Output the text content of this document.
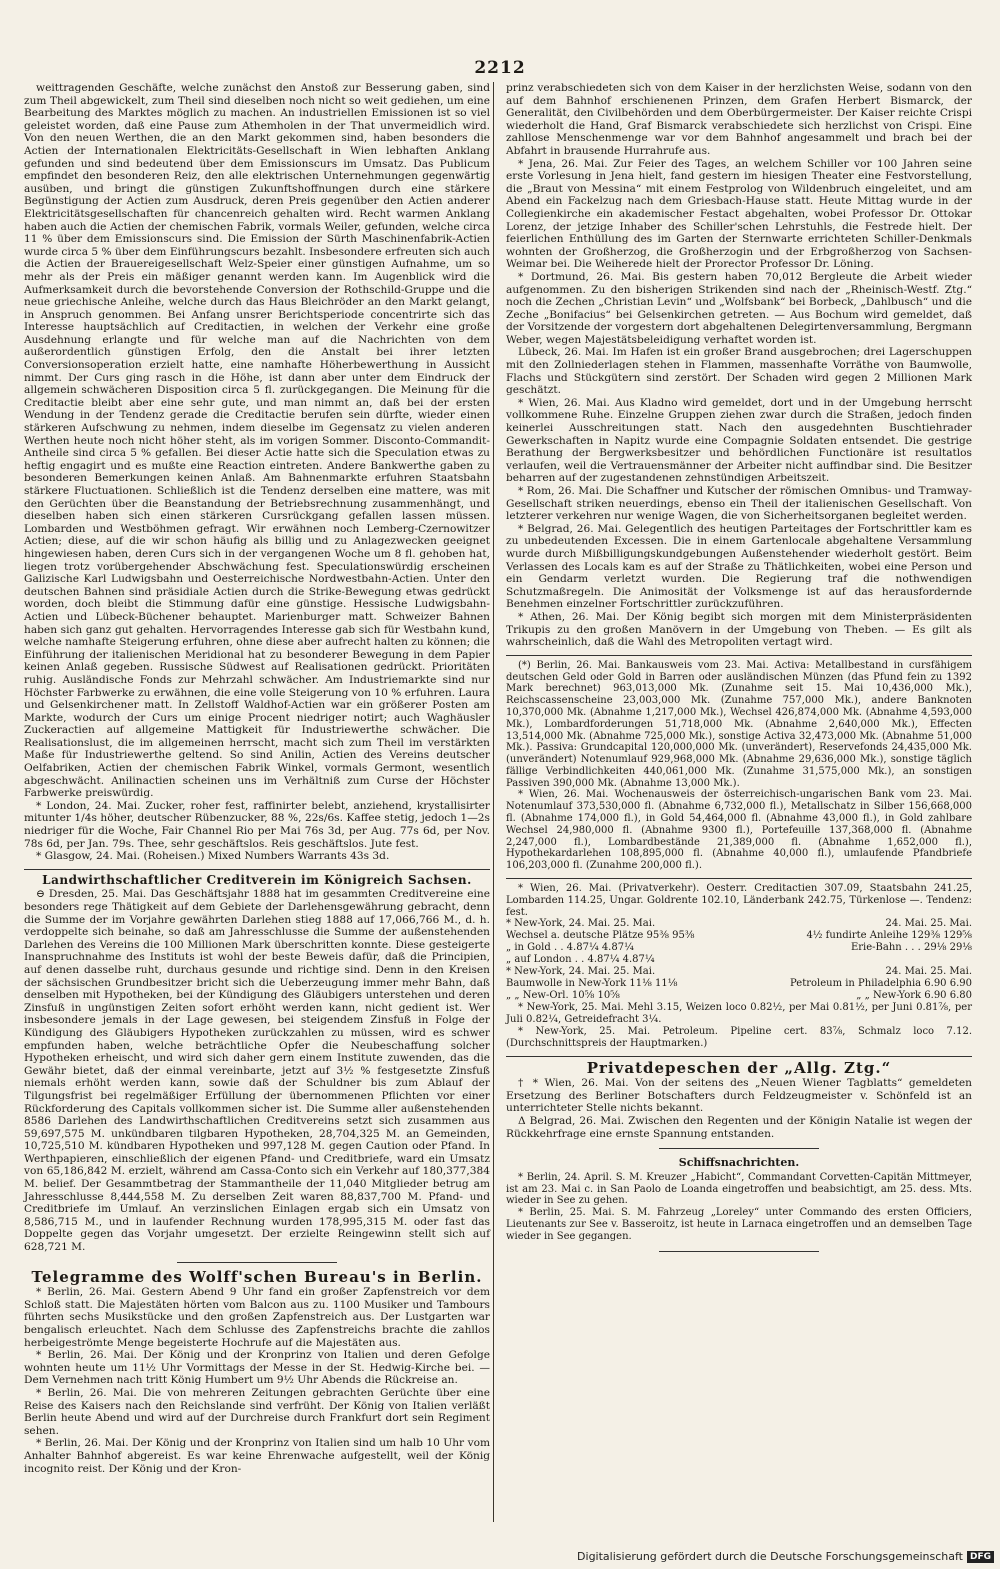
2212

weittragenden Geschäfte, welche zunächst den Anstoß zur Besserung gaben, sind zum Theil abgewickelt, zum Theil sind dieselben noch nicht so weit gediehen, um eine Bearbeitung des Marktes möglich zu machen. An industriellen Emissionen ist so viel geleistet worden, daß eine Pause zum Athemholen in der That unvermeidlich wird. Von den neuen Werthen, die an den Markt gekommen sind, haben besonders die Actien der Internationalen Elektricitäts-Gesellschaft in Wien lebhaften Anklang gefunden und sind bedeutend über dem Emissionscurs im Umsatz. Das Publicum empfindet den besonderen Reiz, den alle elektrischen Unternehmungen gegenwärtig ausüben, und bringt die günstigen Zukunftshoffnungen durch eine stärkere Begünstigung der Actien zum Ausdruck, deren Preis gegenüber den Actien anderer Elektricitätsgesellschaften für chancenreich gehalten wird. Recht warmen Anklang haben auch die Actien der chemischen Fabrik, vormals Weiler, gefunden, welche circa 11 % über dem Emissionscurs sind. Die Emission der Sürth Maschinenfabrik-Actien wurde circa 5 % über dem Einführungscurs bezahlt. Insbesondere erfreuten sich auch die Actien der Brauereigesellschaft Welz-Speier einer günstigen Aufnahme, um so mehr als der Preis ein mäßiger genannt werden kann. Im Augenblick wird die Aufmerksamkeit durch die bevorstehende Conversion der Rothschild-Gruppe und die neue griechische Anleihe, welche durch das Haus Bleichröder an den Markt gelangt, in Anspruch genommen. Bei Anfang unsrer Berichtsperiode concentrirte sich das Interesse hauptsächlich auf Creditactien, in welchen der Verkehr eine große Ausdehnung erlangte und für welche man auf die Nachrichten von dem außerordentlich günstigen Erfolg, den die Anstalt bei ihrer letzten Conversionsoperation erzielt hatte, eine namhafte Höherbewerthung in Aussicht nimmt. Der Curs ging rasch in die Höhe, ist dann aber unter dem Eindruck der allgemein schwächeren Disposition circa 5 fl. zurückgegangen. Die Meinung für die Creditactie bleibt aber eine sehr gute, und man nimmt an, daß bei der ersten Wendung in der Tendenz gerade die Creditactie berufen sein dürfte, wieder einen stärkeren Aufschwung zu nehmen, indem dieselbe im Gegensatz zu vielen anderen Werthen heute noch nicht höher steht, als im vorigen Sommer. Disconto-Commandit-Antheile sind circa 5 % gefallen. Bei dieser Actie hatte sich die Speculation etwas zu heftig engagirt und es mußte eine Reaction eintreten. Andere Bankwerthe gaben zu besonderen Bemerkungen keinen Anlaß. Am Bahnenmarkte erfuhren Staatsbahn stärkere Fluctuationen. Schließlich ist die Tendenz derselben eine mattere, was mit den Gerüchten über die Beanstandung der Betriebsrechnung zusammenhängt, und dieselben haben sich einen stärkeren Cursrückgang gefallen lassen müssen. Lombarden und Westböhmen gefragt. Wir erwähnen noch Lemberg-Czernowitzer Actien; diese, auf die wir schon häufig als billig und zu Anlagezwecken geeignet hingewiesen haben, deren Curs sich in der vergangenen Woche um 8 fl. gehoben hat, liegen trotz vorübergehender Abschwächung fest. Speculationswürdig erscheinen Galizische Karl Ludwigsbahn und Oesterreichische Nordwestbahn-Actien. Unter den deutschen Bahnen sind präsidiale Actien durch die Strike-Bewegung etwas gedrückt worden, doch bleibt die Stimmung dafür eine günstige. Hessische Ludwigsbahn-Actien und Lübeck-Büchener behauptet. Marienburger matt. Schweizer Bahnen haben sich ganz gut gehalten. Hervorragendes Interesse gab sich für Westbahn kund, welche namhafte Steigerung erfuhren, ohne diese aber aufrecht halten zu können; die Einführung der italienischen Meridional hat zu besonderer Bewegung in dem Papier keinen Anlaß gegeben. Russische Südwest auf Realisationen gedrückt. Prioritäten ruhig. Ausländische Fonds zur Mehrzahl schwächer. Am Industriemarkte sind nur Höchster Farbwerke zu erwähnen, die eine volle Steigerung von 10 % erfuhren. Laura und Gelsenkirchener matt. In Zellstoff Waldhof-Actien war ein größerer Posten am Markte, wodurch der Curs um einige Procent niedriger notirt; auch Waghäusler Zuckeractien auf allgemeine Mattigkeit für Industriewerthe schwächer. Die Realisationslust, die im allgemeinen herrscht, macht sich zum Theil im verstärkten Maße für Industriewerthe geltend. So sind Anilin, Actien des Vereins deutscher Oelfabriken, Actien der chemischen Fabrik Winkel, vormals Germont, wesentlich abgeschwächt. Anilinactien scheinen uns im Verhältniß zum Curse der Höchster Farbwerke preiswürdig.

* London, 24. Mai. Zucker, roher fest, raffinirter belebt, anziehend, krystallisirter mitunter 1/4s höher, deutscher Rübenzucker, 88 %, 22s/6s. Kaffee stetig, jedoch 1—2s niedriger für die Woche, Fair Channel Rio per Mai 76s 3d, per Aug. 77s 6d, per Nov. 78s 6d, per Jan. 79s. Thee, sehr geschäftslos. Reis geschäftslos. Jute fest.

* Glasgow, 24. Mai. (Roheisen.) Mixed Numbers Warrants 43s 3d.

Landwirthschaftlicher Creditverein im Königreich Sachsen.

⊖ Dresden, 25. Mai. Das Geschäftsjahr 1888 hat im gesammten Creditvereine eine besonders rege Thätigkeit auf dem Gebiete der Darlehensgewährung gebracht, denn die Summe der im Vorjahre gewährten Darlehen stieg 1888 auf 17,066,766 M., d. h. verdoppelte sich beinahe, so daß am Jahresschlusse die Summe der außenstehenden Darlehen des Vereins die 100 Millionen Mark überschritten konnte. Diese gesteigerte Inanspruchnahme des Instituts ist wohl der beste Beweis dafür, daß die Principien, auf denen dasselbe ruht, durchaus gesunde und richtige sind. Denn in den Kreisen der sächsischen Grundbesitzer bricht sich die Ueberzeugung immer mehr Bahn, daß denselben mit Hypotheken, bei der Kündigung des Gläubigers unterstehen und deren Zinsfuß in ungünstigen Zeiten sofort erhöht werden kann, nicht gedient ist. Wer insbesondere jemals in der Lage gewesen, bei steigendem Zinsfuß in Folge der Kündigung des Gläubigers Hypotheken zurückzahlen zu müssen, wird es schwer empfunden haben, welche beträchtliche Opfer die Neubeschaffung solcher Hypotheken erheischt, und wird sich daher gern einem Institute zuwenden, das die Gewähr bietet, daß der einmal vereinbarte, jetzt auf 3½ % festgesetzte Zinsfuß niemals erhöht werden kann, sowie daß der Schuldner bis zum Ablauf der Tilgungsfrist bei regelmäßiger Erfüllung der übernommenen Pflichten vor einer Rückforderung des Capitals vollkommen sicher ist. Die Summe aller außenstehenden 8586 Darlehen des Landwirthschaftlichen Creditvereins setzt sich zusammen aus 59,697,575 M. unkündbaren tilgbaren Hypotheken, 28,704,325 M. an Gemeinden, 10,725,510 M. kündbaren Hypotheken und 997,128 M. gegen Caution oder Pfand. In Werthpapieren, einschließlich der eigenen Pfand- und Creditbriefe, ward ein Umsatz von 65,186,842 M. erzielt, während am Cassa-Conto sich ein Verkehr auf 180,377,384 M. belief. Der Gesammtbetrag der Stammantheile der 11,040 Mitglieder betrug am Jahresschlusse 8,444,558 M. Zu derselben Zeit waren 88,837,700 M. Pfand- und Creditbriefe im Umlauf. An verzinslichen Einlagen ergab sich ein Umsatz von 8,586,715 M., und in laufender Rechnung wurden 178,995,315 M. oder fast das Doppelte gegen das Vorjahr umgesetzt. Der erzielte Reingewinn stellt sich auf 628,721 M.

Telegramme des Wolff'schen Bureau's in Berlin.

* Berlin, 26. Mai. Gestern Abend 9 Uhr fand ein großer Zapfenstreich vor dem Schloß statt. Die Majestäten hörten vom Balcon aus zu. 1100 Musiker und Tambours führten sechs Musikstücke und den großen Zapfenstreich aus. Der Lustgarten war bengalisch erleuchtet. Nach dem Schlusse des Zapfenstreichs brachte die zahllos herbeigeströmte Menge begeisterte Hochrufe auf die Majestäten aus.

* Berlin, 26. Mai. Der König und der Kronprinz von Italien und deren Gefolge wohnten heute um 11½ Uhr Vormittags der Messe in der St. Hedwig-Kirche bei. — Dem Vernehmen nach tritt König Humbert um 9½ Uhr Abends die Rückreise an.

* Berlin, 26. Mai. Die von mehreren Zeitungen gebrachten Gerüchte über eine Reise des Kaisers nach den Reichslande sind verfrüht. Der König von Italien verläßt Berlin heute Abend und wird auf der Durchreise durch Frankfurt dort sein Regiment sehen.

* Berlin, 26. Mai. Der König und der Kronprinz von Italien sind um halb 10 Uhr vom Anhalter Bahnhof abgereist. Es war keine Ehrenwache aufgestellt, weil der König incognito reist. Der König und der Kron-

prinz verabschiedeten sich von dem Kaiser in der herzlichsten Weise, sodann von den auf dem Bahnhof erschienenen Prinzen, dem Grafen Herbert Bismarck, der Generalität, den Civilbehörden und dem Oberbürgermeister. Der Kaiser reichte Crispi wiederholt die Hand, Graf Bismarck verabschiedete sich herzlichst von Crispi. Eine zahllose Menschenmenge war vor dem Bahnhof angesammelt und brach bei der Abfahrt in brausende Hurrahrufe aus.

* Jena, 26. Mai. Zur Feier des Tages, an welchem Schiller vor 100 Jahren seine erste Vorlesung in Jena hielt, fand gestern im hiesigen Theater eine Festvorstellung, die „Braut von Messina“ mit einem Festprolog von Wildenbruch eingeleitet, und am Abend ein Fackelzug nach dem Griesbach-Hause statt. Heute Mittag wurde in der Collegienkirche ein akademischer Festact abgehalten, wobei Professor Dr. Ottokar Lorenz, der jetzige Inhaber des Schiller'schen Lehrstuhls, die Festrede hielt. Der feierlichen Enthüllung des im Garten der Sternwarte errichteten Schiller-Denkmals wohnten der Großherzog, die Großherzogin und der Erbgroßherzog von Sachsen-Weimar bei. Die Weiherede hielt der Prorector Professor Dr. Löning.

* Dortmund, 26. Mai. Bis gestern haben 70,012 Bergleute die Arbeit wieder aufgenommen. Zu den bisherigen Strikenden sind nach der „Rheinisch-Westf. Ztg.“ noch die Zechen „Christian Levin“ und „Wolfsbank“ bei Borbeck, „Dahlbusch“ und die Zeche „Bonifacius“ bei Gelsenkirchen getreten. — Aus Bochum wird gemeldet, daß der Vorsitzende der vorgestern dort abgehaltenen Delegirtenversammlung, Bergmann Weber, wegen Majestätsbeleidigung verhaftet worden ist.

Lübeck, 26. Mai. Im Hafen ist ein großer Brand ausgebrochen; drei Lagerschuppen mit den Zollniederlagen stehen in Flammen, massenhafte Vorräthe von Baumwolle, Flachs und Stückgütern sind zerstört. Der Schaden wird gegen 2 Millionen Mark geschätzt.

* Wien, 26. Mai. Aus Kladno wird gemeldet, dort und in der Umgebung herrscht vollkommene Ruhe. Einzelne Gruppen ziehen zwar durch die Straßen, jedoch finden keinerlei Ausschreitungen statt. Nach den ausgedehnten Buschtiehrader Gewerkschaften in Napitz wurde eine Compagnie Soldaten entsendet. Die gestrige Berathung der Bergwerksbesitzer und behördlichen Functionäre ist resultatlos verlaufen, weil die Vertrauensmänner der Arbeiter nicht auffindbar sind. Die Besitzer beharren auf der zugestandenen zehnstündigen Arbeitszeit.

* Rom, 26. Mai. Die Schaffner und Kutscher der römischen Omnibus- und Tramway-Gesellschaft striken neuerdings, ebenso ein Theil der italienischen Gesellschaft. Von letzterer verkehren nur wenige Wagen, die von Sicherheitsorganen begleitet werden.

* Belgrad, 26. Mai. Gelegentlich des heutigen Parteitages der Fortschrittler kam es zu unbedeutenden Excessen. Die in einem Gartenlocale abgehaltene Versammlung wurde durch Mißbilligungskundgebungen Außenstehender wiederholt gestört. Beim Verlassen des Locals kam es auf der Straße zu Thätlichkeiten, wobei eine Person und ein Gendarm verletzt wurden. Die Regierung traf die nothwendigen Schutzmaßregeln. Die Animosität der Volksmenge ist auf das herausfordernde Benehmen einzelner Fortschrittler zurückzuführen.

* Athen, 26. Mai. Der König begibt sich morgen mit dem Ministerpräsidenten Trikupis zu den großen Manövern in der Umgebung von Theben. — Es gilt als wahrscheinlich, daß die Wahl des Metropoliten vertagt wird.

(*) Berlin, 26. Mai. Bankausweis vom 23. Mai. Activa: Metallbestand in cursfähigem deutschen Geld oder Gold in Barren oder ausländischen Münzen (das Pfund fein zu 1392 Mark berechnet) 963,013,000 Mk. (Zunahme seit 15. Mai 10,436,000 Mk.), Reichscassenscheine 23,003,000 Mk. (Zunahme 757,000 Mk.), andere Banknoten 10,370,000 Mk. (Abnahme 1,217,000 Mk.), Wechsel 426,874,000 Mk. (Abnahme 4,593,000 Mk.), Lombardforderungen 51,718,000 Mk. (Abnahme 2,640,000 Mk.), Effecten 13,514,000 Mk. (Abnahme 725,000 Mk.), sonstige Activa 32,473,000 Mk. (Abnahme 51,000 Mk.). Passiva: Grundcapital 120,000,000 Mk. (unverändert), Reservefonds 24,435,000 Mk. (unverändert) Notenumlauf 929,968,000 Mk. (Abnahme 29,636,000 Mk.), sonstige täglich fällige Verbindlichkeiten 440,061,000 Mk. (Zunahme 31,575,000 Mk.), an sonstigen Passiven 390,000 Mk. (Abnahme 13,000 Mk.).

* Wien, 26. Mai. Wochenausweis der österreichisch-ungarischen Bank vom 23. Mai. Notenumlauf 373,530,000 fl. (Abnahme 6,732,000 fl.), Metallschatz in Silber 156,668,000 fl. (Abnahme 174,000 fl.), in Gold 54,464,000 fl. (Abnahme 43,000 fl.), in Gold zahlbare Wechsel 24,980,000 fl. (Abnahme 9300 fl.), Portefeuille 137,368,000 fl. (Abnahme 2,247,000 fl.), Lombardbestände 21,389,000 fl. (Abnahme 1,652,000 fl.), Hypothekardarlehen 108,895,000 fl. (Abnahme 40,000 fl.), umlaufende Pfandbriefe 106,203,000 fl. (Zunahme 200,000 fl.).

* Wien, 26. Mai. (Privatverkehr). Oesterr. Creditactien 307.09, Staatsbahn 241.25, Lombarden 114.25, Ungar. Goldrente 102.10, Länderbank 242.75, Türkenlose —. Tendenz: fest.

* New-York, 24. Mai. 25. Mai.	24. Mai. 25. Mai.
Wechsel a. deutsche Plätze 95⅜ 95⅜	4½ fundirte Anleihe 129⅜ 129⅝
„ in Gold . . 4.87¼ 4.87¼	Erie-Bahn . . . 29⅛ 29⅛
„ auf London . . 4.87¼ 4.87¼
* New-York, 24. Mai. 25. Mai.	24. Mai. 25. Mai.
Baumwolle in New-York 11⅛ 11⅛	Petroleum in Philadelphia 6.90 6.90
„ „ New-Orl. 10⅝ 10⅝	„ „ New-York 6.90 6.80

* New-York, 25. Mai. Mehl 3.15, Weizen loco 0.82½, per Mai 0.81½, per Juni 0.81⅞, per Juli 0.82¼, Getreidefracht 3¼.

* New-York, 25. Mai. Petroleum. Pipeline cert. 83⅞, Schmalz loco 7.12. (Durchschnittspreis der Hauptmarken.)

Privatdepeschen der „Allg. Ztg.“

† * Wien, 26. Mai. Von der seitens des „Neuen Wiener Tagblatts“ gemeldeten Ersetzung des Berliner Botschafters durch Feldzeugmeister v. Schönfeld ist an unterrichteter Stelle nichts bekannt.

Δ Belgrad, 26. Mai. Zwischen den Regenten und der Königin Natalie ist wegen der Rückkehrfrage eine ernste Spannung entstanden.

Schiffsnachrichten.

* Berlin, 24. April. S. M. Kreuzer „Habicht“, Commandant Corvetten-Capitän Mittmeyer, ist am 23. Mai c. in San Paolo de Loanda eingetroffen und beabsichtigt, am 25. dess. Mts. wieder in See zu gehen.

* Berlin, 25. Mai. S. M. Fahrzeug „Loreley“ unter Commando des ersten Officiers, Lieutenants zur See v. Basseroitz, ist heute in Larnaca eingetroffen und an demselben Tage wieder in See gegangen.

Digitalisierung gefördert durch die Deutsche Forschungsgemeinschaft DFG
